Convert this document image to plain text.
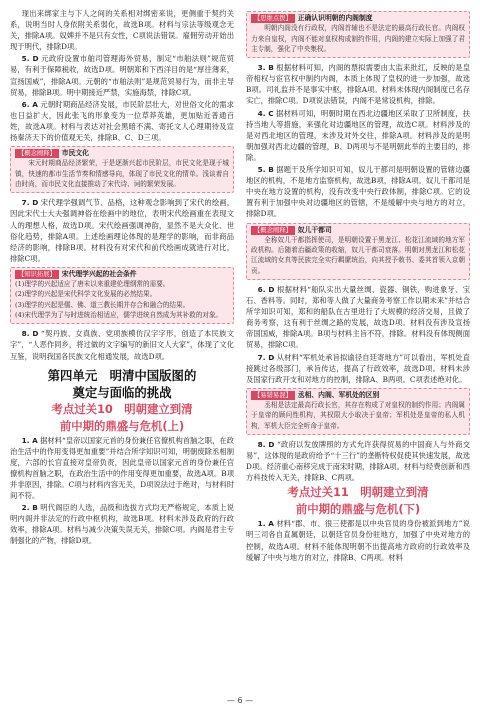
现出来绑家主与下人之间的关系相对绑密来说，更侧重于契约关系，说明当时人身依附关系弱化，故选B项。材料与宗法等级观念无关，排除A项。奴婢并不是只有女性，C项说法错误。雇佣劳动开始出现于明代，排除D项。

5. D 元政府设置市舶司管理海外贸易，制定“市舶法则”规范贸易，有利于保障税收，故选D项。明朝郑和下西洋目的是“厚往薄来，宣扬国威”，排除A项。元朝的“市舶法则”是规范贸易行为，而非主导贸易，排除B项。明中期接近严禁，实施海禁，排除C项。

6. A 元朝时期商品经济发展，市民阶层壮大，对世俗文化的需求也日益扩大，因此张飞的形象变为一位草莽英雄，更加贴近普通百姓，故选A项。材料与表达对社会黑暗不满、寄托文人心理期待及宣扬秦济天下的价值观无关，排除B、C、D三项。

【概念阐释】 市民文化

宋元时期商品经济繁荣，于是逐渐兴起市民阶层，市民文化是现于城镇，快速的都市生活节奏和情感导向，体现了市民文化的情单。浅谈着自由时尚，而市民文化直接推动了宋代诗、词的繁荣发展。

7. D 宋代理学强调气节、品格，这种观念影响到了宋代的绘画，因此宋代士大夫强调神俗在绘画中的地位，表明宋代绘画重在表现文人的理想人格，故选D项。宋代绘画强调神韵，显然不是大众化、世俗化趋势，排除A项。上述绘画理论体现的是理学的影响，而非商品经济的影响，排除B项。材料没有对宋代和前代绘画成就进行对比，排除C项。

【知识拓展】 宋代理学兴起的社会条件
(1)理学的兴起适应了唐末以来重建伦理纲常的需要。
(2)理学的兴起是宋代科学文化发展的必然结果。
(3)理学的兴起是儒、佛、道三教长期并存合和融合的结果。
(4)宋代理学为了与时进统治相适应，儒学进统自然成为其补救的对象。

8. D “契丹族、女真族、党项族模仿汉字字形，创造了本民族文字”，“人恶作同乡，将过做的文字编写的新旧文人大家”，体现了文化互鉴，说明我国各民族文化相通发展，故选D项。

第四单元　明清中国版图的
奠定与面临的挑战
考点过关10　明朝建立到清
前中期的鼎盛与危机(上)

1. A 据材料“皇帝以国家元首的身份兼任官僚机构首脑之职，在政治生活中的作用变得更加重要”并结合所学知识可知，明朝废除丞相制度，六部的长官直接对皇帝负责，因此皇帝以国家元首的身份兼任官僚机构首脑之职，在政治生活中的作用变得更加重要，故选A项。B项并非原因，排除。C项与材料内容无关，D项说法过于绝对，与材料时间不符。

2. B 明代阁臣的人选，品级和选拔方式均无严格规定，本质上说明内阁并非法定的行政中枢机构，故选B项。材料未涉及政府的行政效率，排除A项。材料与减少决策失误无关，排除C项。内阁是君主专制强化的产物，排除D项。

【思维点拨】 正确认识明朝的内阁制度

明朝内阁没有行政权，内阁首辅也不是法定的最高行政长官。内阁权力来自皇权，内阁不能对皇权构成制约作用，内阁的建立实际上加强了君主专制，强化了中央集权。

3. B 根据材料可知，内阁的票拟需要由太监来批红，反映的是皇帝相权与宦官权中制约内阁，本质上体现了皇权的进一步加强，故选B项。司礼监并不是事实中枢，排除A项。材料未体现内阁制度已名存实亡，排除C项。D项说法错误，内阁不是常设机构，排除。

4. C 据材料可知，明朝时期在西北边疆地区采取了卫所制度，扶持当地人等措施，来强化对边疆地区的管理，故选C项。材料涉及的是对西北地区的管理，未涉及对外交往，排除A项。材料涉及的是明朝加强对西北边疆的管理，B、D两项与不是明朝此举的主要目的，排除。

5. B 据题干及所学知识可知，奴儿干都司是明朝设置的管辖边疆地区的机构，不是地方监察机构，故选B项，排除A项。奴儿干都司是中央在地方设置的机构，没有改变中央行政体制，排除C项。它的设置有利于加强中央对边疆地区的管辖，不是缓解中央与地方的对立，排除D项。

【概念阐释】 奴儿干都司

全称奴儿干都指挥使司，是明朝设置于黑龙江、松花江流域的地方军政机构。后随着治疆政策的收缩，奴儿干都司衰落。明朝对黑龙江和松花江流域的女真等民族完全实行羁縻统治，向其授予敕书、委其首领入京朝贡。

6. D 根据材料“船队实出大量丝绸、瓷器、铜铁，购进象牙、宝石、香料等。同时，郑和等人做了大量商务考察工作以期未来”并结合所学知识可知，郑和的船队在古里进行了大规模的经济交易，且做了商务考察，这有利于丝绸之路的发展，故选D项。材料没有涉及宣扬帝国国威，排除A项。B项与材料主旨不符，排除。材料没有体现侧面贸易，排除C项。

7. D 从材料“军机处承旨拟谕径自廷寄地方”可以看出，军机处直接跳过各级部门，承旨传达，提高了行政效率，故选D项。材料未涉及国家行政开支和对地方的控制，排除A、B两项。C项表述绝对化。

【易错易混】 丞相、内阁、军机处的区别

丞相是法定最高行政长官，其存在构成了对皇权的制约作用；内阁属于皇帝的顾问性机构，其权限大小取决于皇帝；军机处是皇帝的私人机构，军机大臣完全听命于皇帝。

8. D “政府以发放牌照的方式允许获得贸易的中国商人与外商交易”，这体现的是政府给予“十三行”的垄断特权促使其快速发展，故选D项。经济重心南移完成于南宋时期，排除A项。材料与经费创新和西方科技传入无关，排除B、C两项。

考点过关11　明朝建立到清
前中期的鼎盛与危机(下)

1. A 材料“郡、市、很三使都是以中央官员的身份被派到地方”说明三司各自直属朝廷，以朝廷官员身份驻地方，加强了中央对地方的控制，故选A项。材料不能体现明朝不出提高地方政府的行政效率及缓解了中央与地方的对立，排除B、C两项。材料

— 6 —
